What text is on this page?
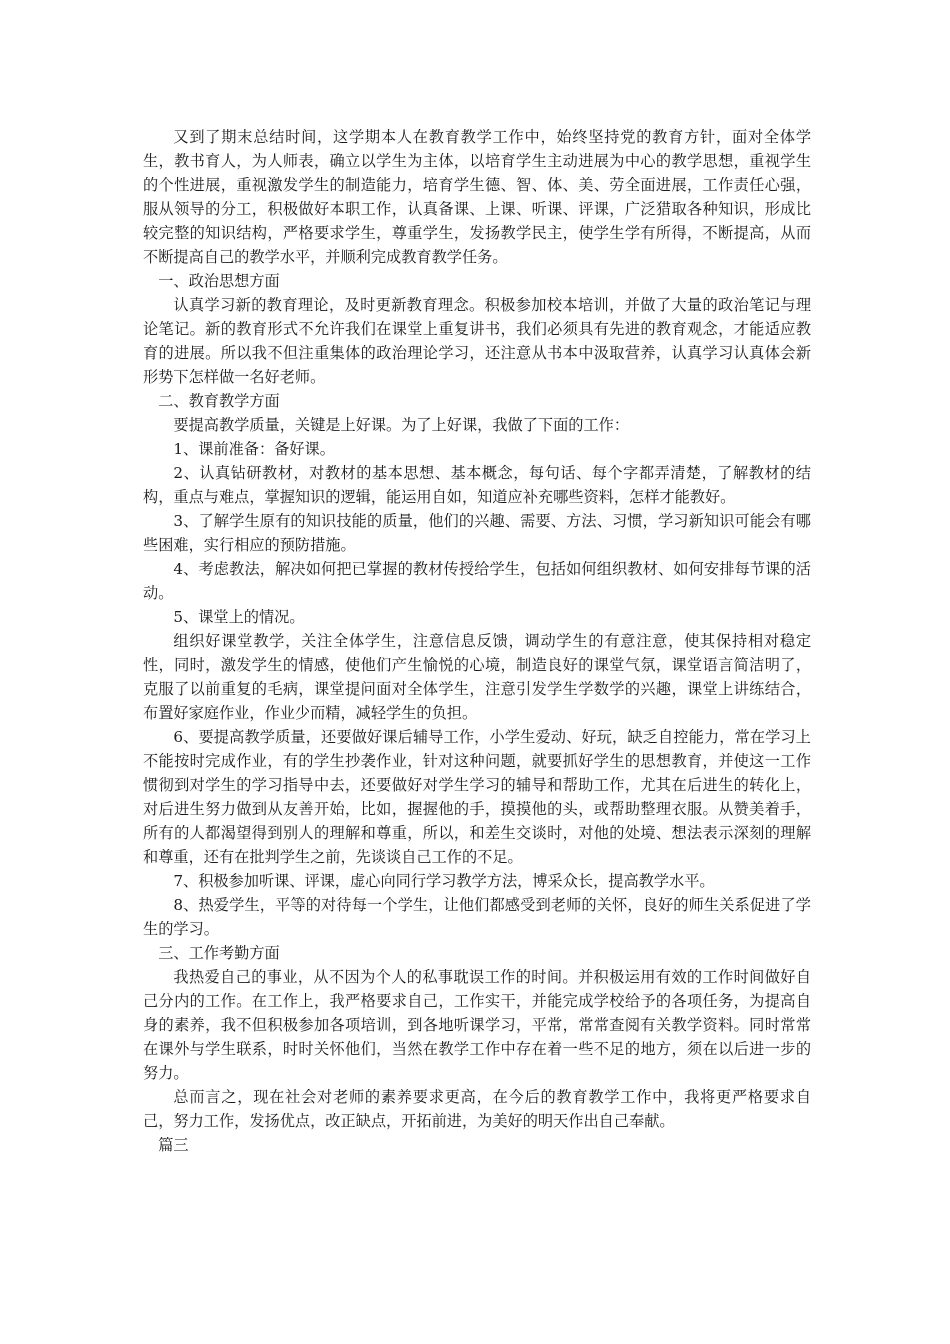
又到了期末总结时间，这学期本人在教育教学工作中，始终坚持党的教育方针，面对全体学生，教书育人，为人师表，确立以学生为主体，以培育学生主动进展为中心的教学思想，重视学生的个性进展，重视激发学生的制造能力，培育学生德、智、体、美、劳全面进展，工作责任心强，服从领导的分工，积极做好本职工作，认真备课、上课、听课、评课，广泛猎取各种知识，形成比较完整的知识结构，严格要求学生，尊重学生，发扬教学民主，使学生学有所得，不断提高，从而不断提高自己的教学水平，并顺利完成教育教学任务。

一、政治思想方面

认真学习新的教育理论，及时更新教育理念。积极参加校本培训，并做了大量的政治笔记与理论笔记。新的教育形式不允许我们在课堂上重复讲书，我们必须具有先进的教育观念，才能适应教育的进展。所以我不但注重集体的政治理论学习，还注意从书本中汲取营养，认真学习认真体会新形势下怎样做一名好老师。

二、教育教学方面

要提高教学质量，关键是上好课。为了上好课，我做了下面的工作：

1、课前准备：备好课。

2、认真钻研教材，对教材的基本思想、基本概念，每句话、每个字都弄清楚，了解教材的结构，重点与难点，掌握知识的逻辑，能运用自如，知道应补充哪些资料，怎样才能教好。

3、了解学生原有的知识技能的质量，他们的兴趣、需要、方法、习惯，学习新知识可能会有哪些困难，实行相应的预防措施。

4、考虑教法，解决如何把已掌握的教材传授给学生，包括如何组织教材、如何安排每节课的活动。

5、课堂上的情况。

组织好课堂教学，关注全体学生，注意信息反馈，调动学生的有意注意，使其保持相对稳定性，同时，激发学生的情感，使他们产生愉悦的心境，制造良好的课堂气氛，课堂语言简洁明了，克服了以前重复的毛病，课堂提问面对全体学生，注意引发学生学数学的兴趣，课堂上讲练结合，布置好家庭作业，作业少而精，减轻学生的负担。

6、要提高教学质量，还要做好课后辅导工作，小学生爱动、好玩，缺乏自控能力，常在学习上不能按时完成作业，有的学生抄袭作业，针对这种问题，就要抓好学生的思想教育，并使这一工作惯彻到对学生的学习指导中去，还要做好对学生学习的辅导和帮助工作，尤其在后进生的转化上，对后进生努力做到从友善开始，比如，握握他的手，摸摸他的头，或帮助整理衣服。从赞美着手，所有的人都渴望得到别人的理解和尊重，所以，和差生交谈时，对他的处境、想法表示深刻的理解和尊重，还有在批判学生之前，先谈谈自己工作的不足。

7、积极参加听课、评课，虚心向同行学习教学方法，博采众长，提高教学水平。

8、热爱学生，平等的对待每一个学生，让他们都感受到老师的关怀，良好的师生关系促进了学生的学习。

三、工作考勤方面

我热爱自己的事业，从不因为个人的私事耽误工作的时间。并积极运用有效的工作时间做好自己分内的工作。在工作上，我严格要求自己，工作实干，并能完成学校给予的各项任务，为提高自身的素养，我不但积极参加各项培训，到各地听课学习，平常，常常查阅有关教学资料。同时常常在课外与学生联系，时时关怀他们，当然在教学工作中存在着一些不足的地方，须在以后进一步的努力。

总而言之，现在社会对老师的素养要求更高，在今后的教育教学工作中，我将更严格要求自己，努力工作，发扬优点，改正缺点，开拓前进，为美好的明天作出自己奉献。

篇三
